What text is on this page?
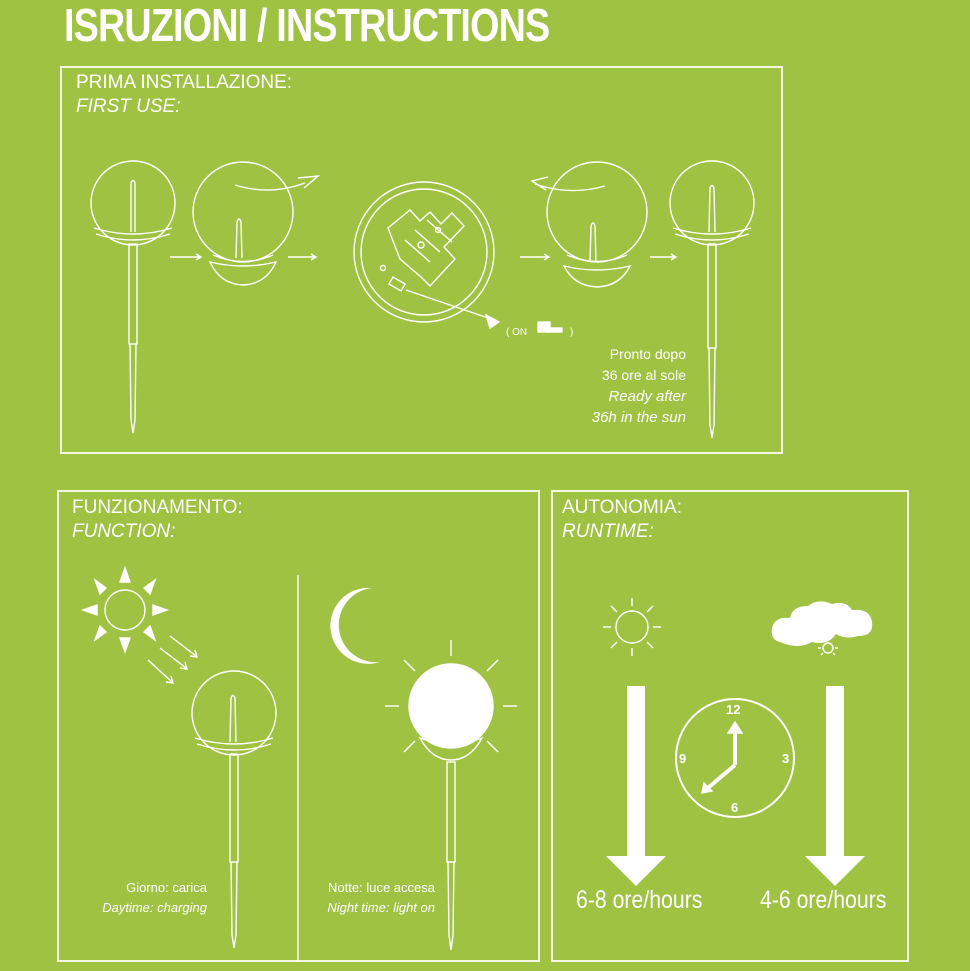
ISRUZIONI / INSTRUCTIONS
PRIMA INSTALLAZIONE:
FIRST USE:
FUNZIONAMENTO:
FUNCTION:
AUTONOMIA:
RUNTIME:
12
3
6
9
( ON	)
Pronto dopo
36 ore al sole
Ready after
36h in the sun
Giorno: carica
Daytime: charging
Notte: luce accesa
Night time: light on	6-8 ore/hours 4-6 ore/hours
